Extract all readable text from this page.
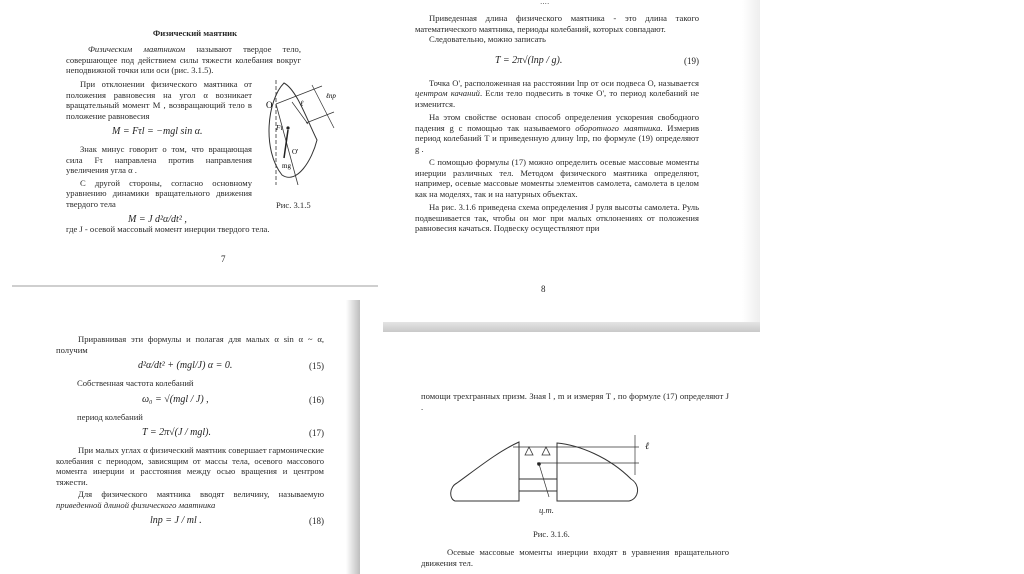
Физический маятник
Физическим маятником называют твердое тело, совершающее под действием силы тяжести колебания вокруг неподвижной точки или оси (рис. 3.1.5).
При отклонении физического маятника от положения равновесия на угол α возникает вращательный момент M , возвращающий тело в положение равновесия
M = Fτl = −mgl sin α.
Знак минус говорит о том, что вращающая сила Fτ направлена против направления увеличения угла α .
С другой стороны, согласно основному уравнению динамики вращательного движения твердого тела
M = J d²α/dt² ,
O	ℓ
ℓпр
O'
mg
Fτ
Рис. 3.1.5
где J - осевой массовый момент инерции твердого тела.
7
····
Приведенная длина физического маятника - это длина такого математического маятника, периоды колебаний, которых совпадают.
Следовательно, можно записать
T = 2π√(lпр / g).	(19)
Точка O', расположенная на расстоянии lпр от оси подвеса O, называется центром качаний. Если тело подвесить в точке O', то период колебаний не изменится.
На этом свойстве основан способ определения ускорения свободного падения g с помощью так называемого оборотного маятника. Измерив период колебаний T и приведенную длину lпр, по формуле (19) определяют g .
С помощью формулы (17) можно определить осевые массовые моменты инерции различных тел. Методом физического маятника определяют, например, осевые массовые моменты элементов самолета, самолета в целом как на моделях, так и на натурных объектах.
На рис. 3.1.6 приведена схема определения J руля высоты самолета. Руль подвешивается так, чтобы он мог при малых отклонениях от положения равновесия качаться. Подвеску осуществляют при
8
Приравнивая эти формулы и полагая для малых α sin α ~ α, получим
d²α/dt² + (mgl/J) α = 0.	(15)
Собственная частота колебаний
ω₀ = √(mgl / J) ,	(16)
период колебаний
T = 2π√(J / mgl).	(17)
При малых углах α физический маятник совершает гармонические колебания с периодом, зависящим от массы тела, осевого массового момента инерции и расстояния между осью вращения и центром тяжести.
Для физического маятника вводят величину, называемую приведенной длиной физического маятника
lпр = J / ml .	(18)
помощи трехгранных призм. Зная l , m и измеряя T , по формуле (17) определяют J .
ℓ
ц.т.
Рис. 3.1.6.
Осевые массовые моменты инерции входят в уравнения вращательного движения тел.
